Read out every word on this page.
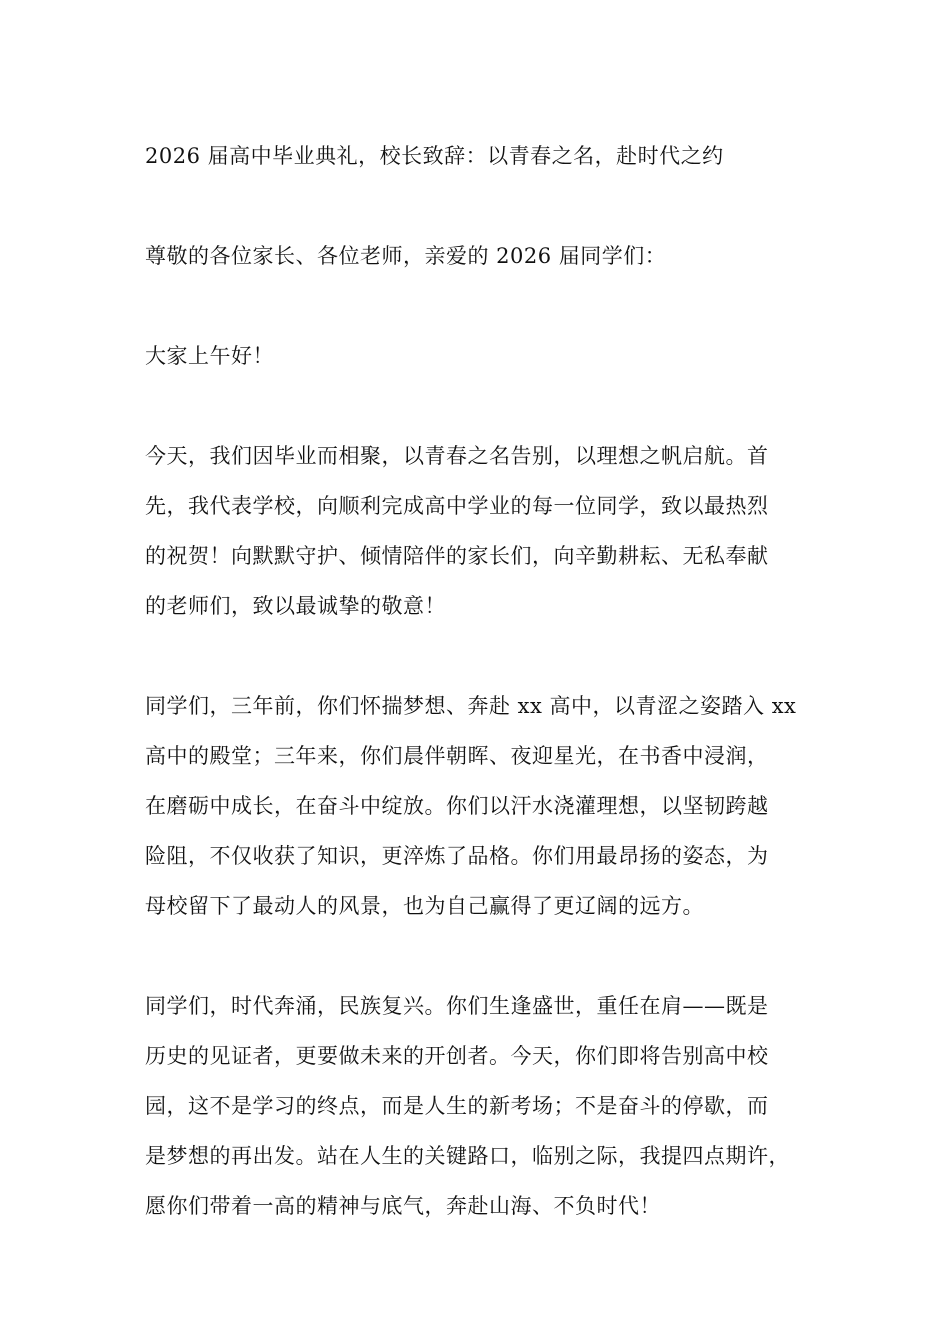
2026 届高中毕业典礼，校长致辞：以青春之名，赴时代之约

尊敬的各位家长、各位老师，亲爱的 2026 届同学们：

大家上午好！

今天，我们因毕业而相聚，以青春之名告别，以理想之帆启航。首
先，我代表学校，向顺利完成高中学业的每一位同学，致以最热烈
的祝贺！向默默守护、倾情陪伴的家长们，向辛勤耕耘、无私奉献
的老师们，致以最诚挚的敬意！

同学们，三年前，你们怀揣梦想、奔赴 xx 高中，以青涩之姿踏入 xx
高中的殿堂；三年来，你们晨伴朝晖、夜迎星光，在书香中浸润，
在磨砺中成长，在奋斗中绽放。你们以汗水浇灌理想，以坚韧跨越
险阻，不仅收获了知识，更淬炼了品格。你们用最昂扬的姿态，为
母校留下了最动人的风景，也为自己赢得了更辽阔的远方。

同学们，时代奔涌，民族复兴。你们生逢盛世，重任在肩——既是
历史的见证者，更要做未来的开创者。今天，你们即将告别高中校
园，这不是学习的终点，而是人生的新考场；不是奋斗的停歇，而
是梦想的再出发。站在人生的关键路口，临别之际，我提四点期许，
愿你们带着一高的精神与底气，奔赴山海、不负时代！
